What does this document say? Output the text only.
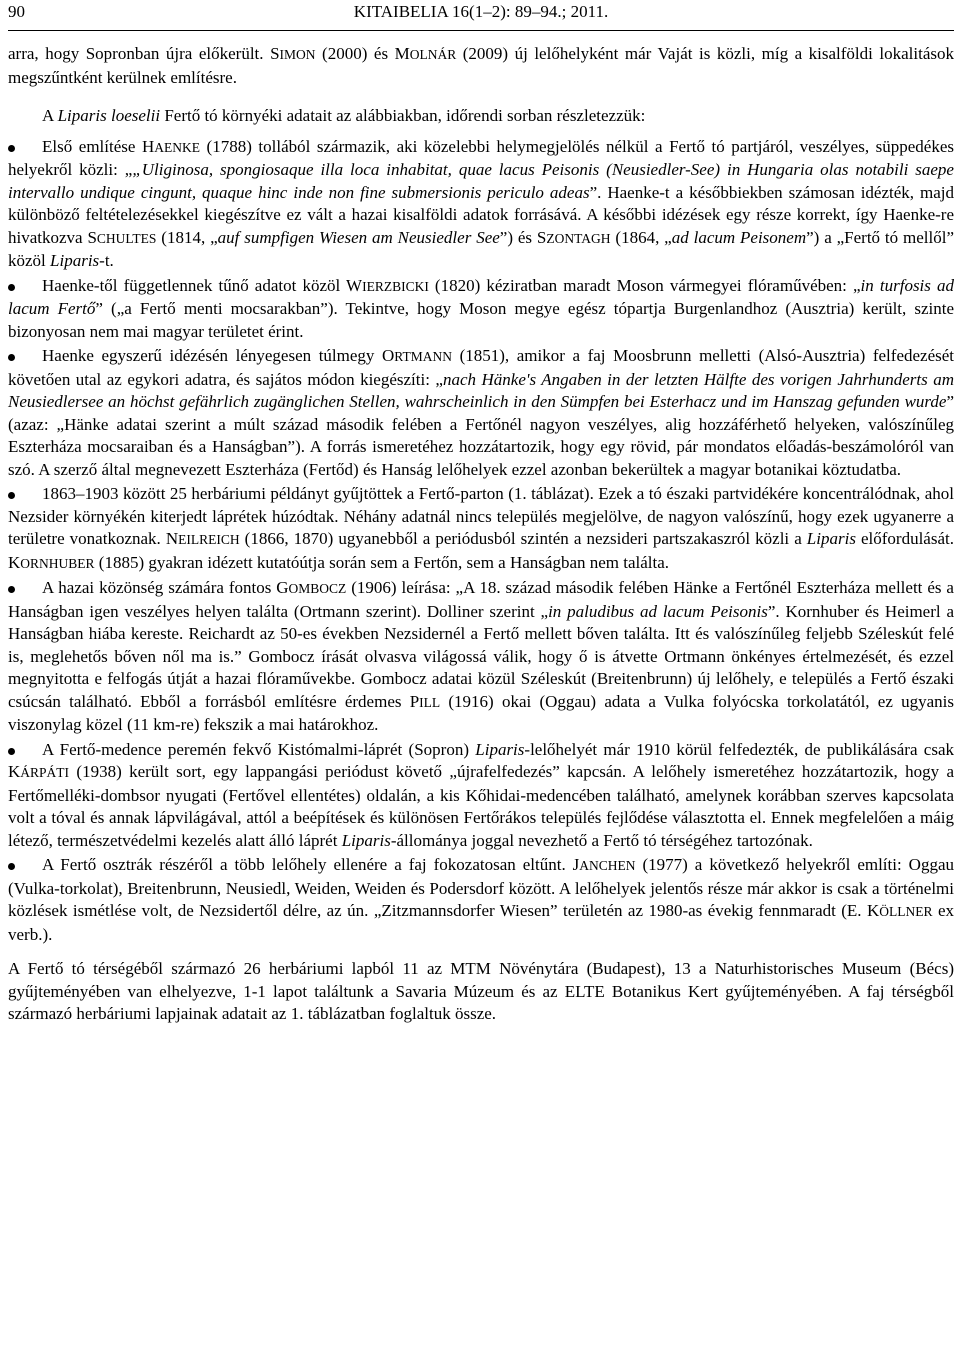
90	KITAIBELIA 16(1–2): 89–94.; 2011.

arra, hogy Sopronban újra előkerült. SIMON (2000) és MOLNÁR (2009) új lelőhelyként már Vaját is közli, míg a kisalföldi lokalitások megszűntként kerülnek említésre.

A Liparis loeselii Fertő tó környéki adatait az alábbiakban, időrendi sorban részletezzük:

Első említése HAENKE (1788) tollából származik, aki közelebbi helymegjelölés nélkül a Fertő tó partjáról, veszélyes, süppedékes helyekről közli: „„Uliginosa, spongiosaque illa loca inhabitat, quae lacus Peisonis (Neusiedler-See) in Hungaria olas notabili saepe intervallo undique cingunt, quaque hinc inde non fine submersionis periculo adeas”. Haenke-t a későbbiekben számosan idézték, majd különböző feltételezésekkel kiegészítve ez vált a hazai kisalföldi adatok forrásává. A későbbi idézések egy része korrekt, így Haenke-re hivatkozva SCHULTES (1814, „auf sumpfigen Wiesen am Neusiedler See”) és SZONTAGH (1864, „ad lacum Peisonem”) a „Fertő tó mellől” közöl Liparis-t.
Haenke-től függetlennek tűnő adatot közöl WIERZBICKI (1820) kéziratban maradt Moson vármegyei flóraművében: „in turfosis ad lacum Fertő” („a Fertő menti mocsarakban”). Tekintve, hogy Moson megye egész tópartja Burgenlandhoz (Ausztria) került, szinte bizonyosan nem mai magyar területet érint.
Haenke egyszerű idézésén lényegesen túlmegy ORTMANN (1851), amikor a faj Moosbrunn melletti (Alsó-Ausztria) felfedezését követően utal az egykori adatra, és sajátos módon kiegészíti: „nach Hänke's Angaben in der letzten Hälfte des vorigen Jahrhunderts am Neusiedlersee an höchst gefährlich zugänglichen Stellen, wahrscheinlich in den Sümpfen bei Esterhacz und im Hanszag gefunden wurde” (azaz: „Hänke adatai szerint a múlt század második felében a Fertőnél nagyon veszélyes, alig hozzáférhető helyeken, valószínűleg Eszterháza mocsaraiban és a Hanságban”). A forrás ismeretéhez hozzátartozik, hogy egy rövid, pár mondatos előadás-beszámolóról van szó. A szerző által megnevezett Eszterháza (Fertőd) és Hanság lelőhelyek ezzel azonban bekerültek a magyar botanikai köztudatba.
1863–1903 között 25 herbáriumi példányt gyűjtöttek a Fertő-parton (1. táblázat). Ezek a tó északi partvidékére koncentrálódnak, ahol Nezsider környékén kiterjedt láprétek húzódtak. Néhány adatnál nincs település megjelölve, de nagyon valószínű, hogy ezek ugyanerre a területre vonatkoznak. NEILREICH (1866, 1870) ugyanebből a periódusból szintén a nezsideri partszakaszról közli a Liparis előfordulását. KORNHUBER (1885) gyakran idézett kutatóútja során sem a Fertőn, sem a Hanságban nem találta.
A hazai közönség számára fontos GOMBOCZ (1906) leírása: „A 18. század második felében Hänke a Fertőnél Eszterháza mellett és a Hanságban igen veszélyes helyen találta (Ortmann szerint). Dolliner szerint „in paludibus ad lacum Peisonis”. Kornhuber és Heimerl a Hanságban hiába kereste. Reichardt az 50-es években Nezsidernél a Fertő mellett bőven találta. Itt és valószínűleg feljebb Széleskút felé is, meglehetős bőven nől ma is.” Gombocz írását olvasva világossá válik, hogy ő is átvette Ortmann önkényes értelmezését, és ezzel megnyitotta e felfogás útját a hazai flóraművekbe. Gombocz adatai közül Széleskút (Breitenbrunn) új lelőhely, e település a Fertő északi csúcsán található. Ebből a forrásból említésre érdemes PILL (1916) okai (Oggau) adata a Vulka folyócska torkolatától, ez ugyanis viszonylag közel (11 km-re) fekszik a mai határokhoz.
A Fertő-medence peremén fekvő Kistómalmi-láprét (Sopron) Liparis-lelőhelyét már 1910 körül felfedezték, de publikálására csak KÁRPÁTI (1938) került sort, egy lappangási periódust követő „újrafelfedezés” kapcsán. A lelőhely ismeretéhez hozzátartozik, hogy a Fertőmelléki-dombsor nyugati (Fertővel ellentétes) oldalán, a kis Kőhidai-medencében található, amelynek korábban szerves kapcsolata volt a tóval és annak lápvilágával, attól a beépítések és különösen Fertőrákos település fejlődése választotta el. Ennek megfelelően a máig létező, természetvédelmi kezelés alatt álló láprét Liparis-állománya joggal nevezhető a Fertő tó térségéhez tartozónak.
A Fertő osztrák részéről a több lelőhely ellenére a faj fokozatosan eltűnt. JANCHEN (1977) a következő helyekről említi: Oggau (Vulka-torkolat), Breitenbrunn, Neusiedl, Weiden, Weiden és Podersdorf között. A lelőhelyek jelentős része már akkor is csak a történelmi közlések ismétlése volt, de Nezsidertől délre, az ún. „Zitzmannsdorfer Wiesen” területén az 1980-as évekig fennmaradt (E. KÖLLNER ex verb.).

A Fertő tó térségéből származó 26 herbáriumi lapból 11 az MTM Növénytára (Budapest), 13 a Naturhistorisches Museum (Bécs) gyűjteményében van elhelyezve, 1-1 lapot találtunk a Savaria Múzeum és az ELTE Botanikus Kert gyűjteményében. A faj térségből származó herbáriumi lapjainak adatait az 1. táblázatban foglaltuk össze.
